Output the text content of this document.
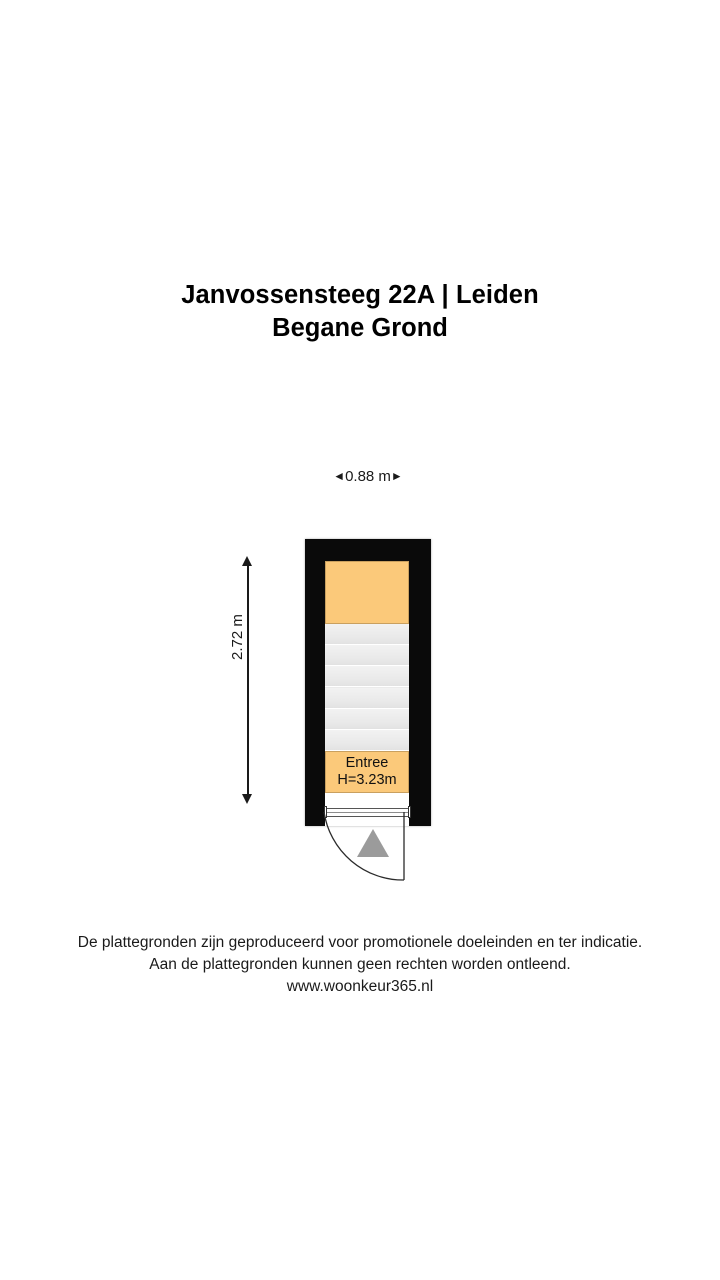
Janvossensteeg 22A | Leiden
Begane Grond
◄0.88 m►
2.72 m
Entree
H=3.23m
De plattegronden zijn geproduceerd voor promotionele doeleinden en ter indicatie.
Aan de plattegronden kunnen geen rechten worden ontleend.
www.woonkeur365.nl
